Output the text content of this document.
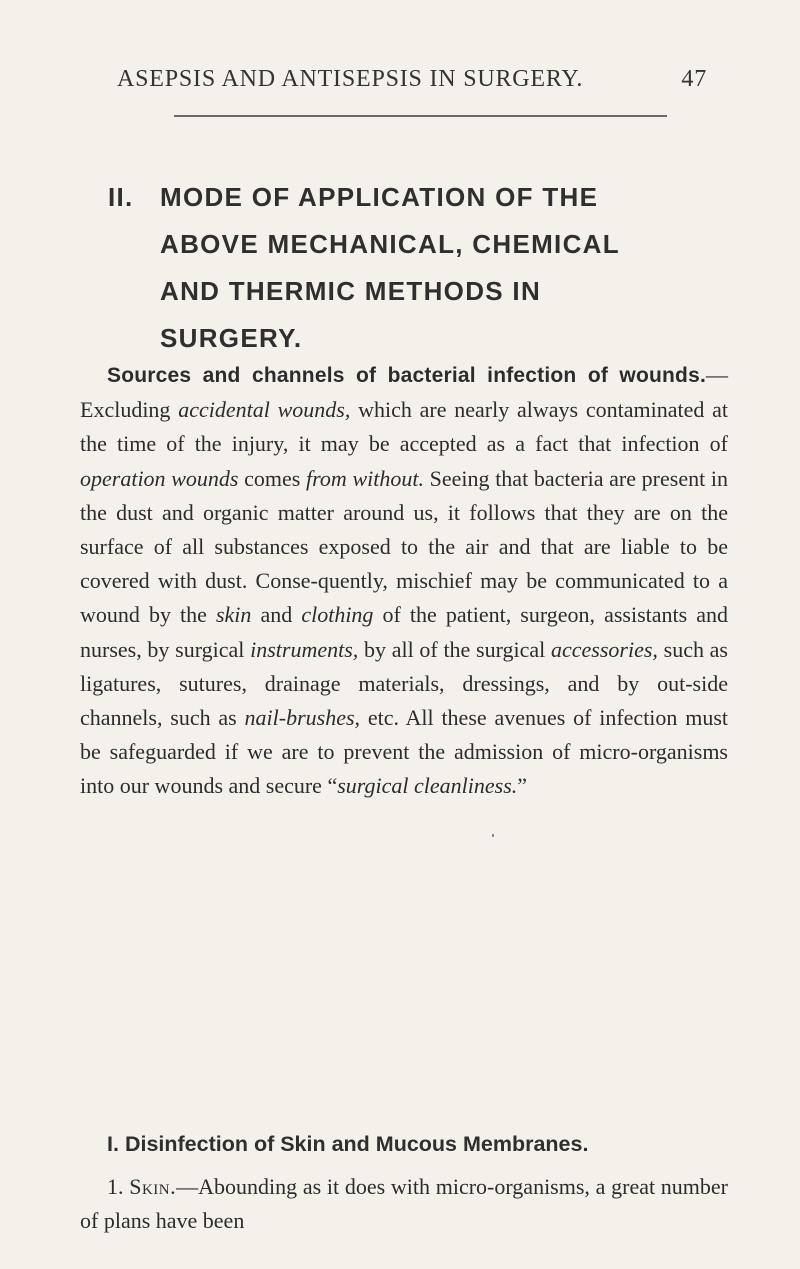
ASEPSIS AND ANTISEPSIS IN SURGERY.	47
II. MODE OF APPLICATION OF THE
ABOVE MECHANICAL, CHEMICAL
AND THERMIC METHODS IN
SURGERY.

Sources and channels of bacterial infection of wounds.—Excluding accidental wounds, which are nearly always contaminated at the time of the injury, it may be accepted as a fact that infection of operation wounds comes from without. Seeing that bacteria are present in the dust and organic matter around us, it follows that they are on the surface of all substances exposed to the air and that are liable to be covered with dust. Conse-quently, mischief may be communicated to a wound by the skin and clothing of the patient, surgeon, assistants and nurses, by surgical instruments, by all of the surgical accessories, such as ligatures, sutures, drainage materials, dressings, and by out-side channels, such as nail-brushes, etc. All these avenues of infection must be safeguarded if we are to prevent the admission of micro-organisms into our wounds and secure “surgical cleanliness.”

I. Disinfection of Skin and Mucous Membranes.

1. Skin.—Abounding as it does with micro-organisms, a great number of plans have been
